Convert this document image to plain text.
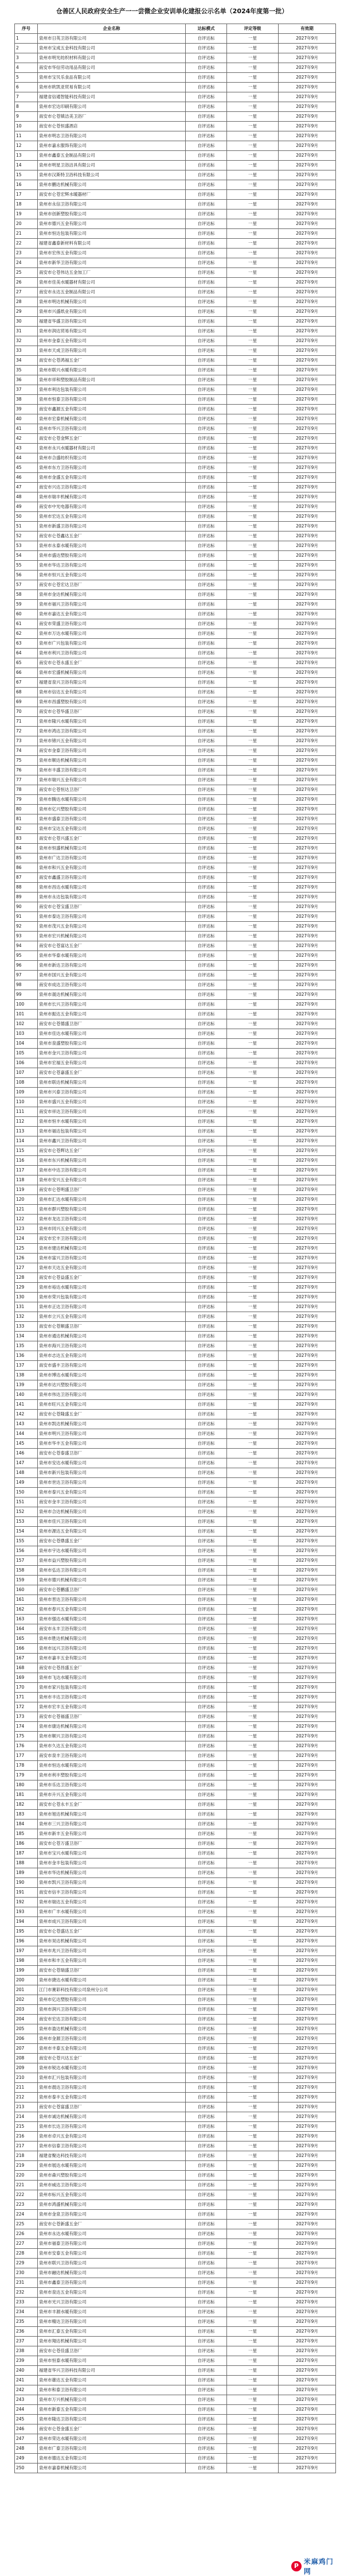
仓善区人民政府安全生产一一尝微企业安训单化建报公示名单（2024年度第一批）
序号	企业名称	达标模式	评定等级	有效期
1	泉州市日英卫浴有限公司	自评达标	一星	2027年9月
2	泉州市宝成五金科技有限公司	自评达标	一星	2027年9月
3	泉州市明光纺织材料有限公司	自评达标	一星	2027年9月
4	南安市华信劳动用品有限公司	自评达标	一星	2027年9月
5	泉州市宝贝乐食品有限公司	自评达标	一星	2027年9月
6	泉州市欧凯亚贸易有限公司	自评达标	一星	2027年9月
7	福建省信通智能科技有限公司	自评达标	一星	2027年9月
8	泉州市宏达印刷有限公司	自评达标	一星	2027年9月
9	南安市仑苍镇洁美卫浴厂	自评达标	一星	2027年9月
10	南安市仑苍恒盛酒店	自评达标	一星	2027年9月
11	泉州市明志卫浴有限公司	自评达标	一星	2027年9月
12	泉州市嘉永服饰有限公司	自评达标	一星	2027年9月
13	泉州市鑫泰五金制品有限公司	自评达标	一星	2027年9月
14	泉州市明星卫浴洁具有限公司	自评达标	一星	2027年9月
15	泉州市汉斯特卫浴科技有限公司	自评达标	一星	2027年9月
16	泉州市鹏达机械有限公司	自评达标	一星	2027年9月
17	南安市仑苍宏辉水暖器材厂	自评达标	一星	2027年9月
18	泉州市永信卫浴有限公司	自评达标	一星	2027年9月
19	泉州市创新塑胶有限公司	自评达标	一星	2027年9月
20	泉州市德兴五金有限公司	自评达标	一星	2027年9月
21	泉州市恒达包装有限公司	自评达标	一星	2027年9月
22	福建省鑫泰新材料有限公司	自评达标	一星	2027年9月
23	泉州市宏伟五金有限公司	自评达标	一星	2027年9月
24	泉州市新华卫浴有限公司	自评达标	一星	2027年9月
25	南安市仑苍伟达五金加工厂	自评达标	一星	2027年9月
26	泉州市佳美水暖器材有限公司	自评达标	一星	2027年9月
27	南安市永达五金制品有限公司	自评达标	一星	2027年9月
28	泉州市明达机械有限公司	自评达标	一星	2027年9月
29	泉州市兴盛纸业有限公司	自评达标	一星	2027年9月
30	福建省华盛卫浴有限公司	自评达标	一星	2027年9月
31	泉州市润达贸易有限公司	自评达标	一星	2027年9月
32	泉州市金泰五金有限公司	自评达标	一星	2027年9月
33	泉州市天成卫浴有限公司	自评达标	一星	2027年9月
34	南安市仑苍鸿福五金厂	自评达标	一星	2027年9月
35	泉州市联兴水暖有限公司	自评达标	一星	2027年9月
36	泉州市祥和塑胶制品有限公司	自评达标	一星	2027年9月
37	泉州市利达包装有限公司	自评达标	一星	2027年9月
38	泉州市恒泰卫浴有限公司	自评达标	一星	2027年9月
39	南安市鑫源五金有限公司	自评达标	一星	2027年9月
40	泉州市宏泰机械有限公司	自评达标	一星	2027年9月
41	泉州市华兴卫浴有限公司	自评达标	一星	2027年9月
42	南安市仑苍金辉五金厂	自评达标	一星	2027年9月
43	泉州市永兴水暖器材有限公司	自评达标	一星	2027年9月
44	泉州市合盛纺织有限公司	自评达标	一星	2027年9月
45	泉州市东方卫浴有限公司	自评达标	一星	2027年9月
46	泉州市金盛五金有限公司	自评达标	一星	2027年9月
47	南安市兴达卫浴有限公司	自评达标	一星	2027年9月
48	泉州市瑞丰机械有限公司	自评达标	一星	2027年9月
49	南安市中光电器有限公司	自评达标	一星	2027年9月
50	泉州市宏达五金有限公司	自评达标	一星	2027年9月
51	泉州市新盛卫浴有限公司	自评达标	一星	2027年9月
52	南安市仑苍鑫达五金厂	自评达标	一星	2027年9月
53	泉州市永泰水暖有限公司	自评达标	一星	2027年9月
54	泉州市盛达塑胶有限公司	自评达标	一星	2027年9月
55	泉州市华达卫浴有限公司	自评达标	一星	2027年9月
56	泉州市恒兴五金有限公司	自评达标	一星	2027年9月
57	南安市仑苍宏达卫浴厂	自评达标	一星	2027年9月
58	泉州市金达机械有限公司	自评达标	一星	2027年9月
59	泉州市福兴卫浴有限公司	自评达标	一星	2027年9月
60	泉州市嘉达五金有限公司	自评达标	一星	2027年9月
61	南安市荣盛卫浴有限公司	自评达标	一星	2027年9月
62	泉州市万达水暖有限公司	自评达标	一星	2027年9月
63	泉州市广兴包装有限公司	自评达标	一星	2027年9月
64	泉州市利兴卫浴有限公司	自评达标	一星	2027年9月
65	南安市仑苍永盛五金厂	自评达标	一星	2027年9月
66	泉州市宏盛机械有限公司	自评达标	一星	2027年9月
67	福建省泉兴卫浴有限公司	自评达标	一星	2027年9月
68	泉州市信达五金有限公司	自评达标	一星	2027年9月
69	泉州市昌盛塑胶有限公司	自评达标	一星	2027年9月
70	南安市仑苍华盛卫浴厂	自评达标	一星	2027年9月
71	泉州市隆兴水暖有限公司	自评达标	一星	2027年9月
72	泉州市鸿达卫浴有限公司	自评达标	一星	2027年9月
73	泉州市锦兴五金有限公司	自评达标	一星	2027年9月
74	南安市金泰卫浴有限公司	自评达标	一星	2027年9月
75	泉州市顺达机械有限公司	自评达标	一星	2027年9月
76	泉州市丰盛卫浴有限公司	自评达标	一星	2027年9月
77	泉州市瑞兴五金有限公司	自评达标	一星	2027年9月
78	南安市仑苍恒达卫浴厂	自评达标	一星	2027年9月
79	泉州市腾达水暖有限公司	自评达标	一星	2027年9月
80	泉州市亿兴塑胶有限公司	自评达标	一星	2027年9月
81	泉州市盛泰卫浴有限公司	自评达标	一星	2027年9月
82	泉州市宝达五金有限公司	自评达标	一星	2027年9月
83	南安市仑苍兴盛五金厂	自评达标	一星	2027年9月
84	泉州市恒盛机械有限公司	自评达标	一星	2027年9月
85	泉州市广达卫浴有限公司	自评达标	一星	2027年9月
86	泉州市和兴五金有限公司	自评达标	一星	2027年9月
87	南安市鑫盛卫浴有限公司	自评达标	一星	2027年9月
88	泉州市昌达水暖有限公司	自评达标	一星	2027年9月
89	泉州市永达包装有限公司	自评达标	一星	2027年9月
90	南安市仑苍宝盛卫浴厂	自评达标	一星	2027年9月
91	泉州市泰达卫浴有限公司	自评达标	一星	2027年9月
92	泉州市茂兴五金有限公司	自评达标	一星	2027年9月
93	泉州市宏兴机械有限公司	自评达标	一星	2027年9月
94	南安市仑苍富达五金厂	自评达标	一星	2027年9月
95	泉州市华泰水暖有限公司	自评达标	一星	2027年9月
96	泉州市新达卫浴有限公司	自评达标	一星	2027年9月
97	泉州市国兴五金有限公司	自评达标	一星	2027年9月
98	南安市成达卫浴有限公司	自评达标	一星	2027年9月
99	泉州市晟达机械有限公司	自评达标	一星	2027年9月
100	泉州市长兴卫浴有限公司	自评达标	一星	2027年9月
101	泉州市振达五金有限公司	自评达标	一星	2027年9月
102	南安市仑苍德盛卫浴厂	自评达标	一星	2027年9月
103	泉州市佳达水暖有限公司	自评达标	一星	2027年9月
104	泉州市泉盛塑胶有限公司	自评达标	一星	2027年9月
105	泉州市金兴卫浴有限公司	自评达标	一星	2027年9月
106	泉州市宏福五金有限公司	自评达标	一星	2027年9月
107	南安市仑苍嘉盛五金厂	自评达标	一星	2027年9月
108	泉州市联达机械有限公司	自评达标	一星	2027年9月
109	泉州市兴泰卫浴有限公司	自评达标	一星	2027年9月
110	泉州市盛兴五金有限公司	自评达标	一星	2027年9月
111	南安市祥达卫浴有限公司	自评达标	一星	2027年9月
112	泉州市恒丰水暖有限公司	自评达标	一星	2027年9月
113	泉州市福达包装有限公司	自评达标	一星	2027年9月
114	泉州市鑫兴卫浴有限公司	自评达标	一星	2027年9月
115	南安市仑苍辉达五金厂	自评达标	一星	2027年9月
116	泉州市东兴机械有限公司	自评达标	一星	2027年9月
117	泉州市中达卫浴有限公司	自评达标	一星	2027年9月
118	泉州市安兴五金有限公司	自评达标	一星	2027年9月
119	南安市仑苍明盛卫浴厂	自评达标	一星	2027年9月
120	泉州市汇达水暖有限公司	自评达标	一星	2027年9月
121	泉州市群兴塑胶有限公司	自评达标	一星	2027年9月
122	泉州市龙达卫浴有限公司	自评达标	一星	2027年9月
123	泉州市同兴五金有限公司	自评达标	一星	2027年9月
124	南安市宏丰卫浴有限公司	自评达标	一星	2027年9月
125	泉州市建达机械有限公司	自评达标	一星	2027年9月
126	泉州市富兴卫浴有限公司	自评达标	一星	2027年9月
127	泉州市天达五金有限公司	自评达标	一星	2027年9月
128	南安市仑苍益盛五金厂	自评达标	一星	2027年9月
129	泉州市裕达水暖有限公司	自评达标	一星	2027年9月
130	泉州市荣兴包装有限公司	自评达标	一星	2027年9月
131	泉州市正达卫浴有限公司	自评达标	一星	2027年9月
132	泉州市立兴五金有限公司	自评达标	一星	2027年9月
133	南安市仑苍顺盛卫浴厂	自评达标	一星	2027年9月
134	泉州市通达机械有限公司	自评达标	一星	2027年9月
135	泉州市海兴卫浴有限公司	自评达标	一星	2027年9月
136	泉州市志达五金有限公司	自评达标	一星	2027年9月
137	南安市盛丰卫浴有限公司	自评达标	一星	2027年9月
138	泉州市博达水暖有限公司	自评达标	一星	2027年9月
139	泉州市达兴塑胶有限公司	自评达标	一星	2027年9月
140	泉州市伟达卫浴有限公司	自评达标	一星	2027年9月
141	泉州市旺兴五金有限公司	自评达标	一星	2027年9月
142	南安市仑苍隆盛五金厂	自评达标	一星	2027年9月
143	泉州市凯达机械有限公司	自评达标	一星	2027年9月
144	泉州市明兴卫浴有限公司	自评达标	一星	2027年9月
145	泉州市华丰五金有限公司	自评达标	一星	2027年9月
146	南安市仑苍泰盛卫浴厂	自评达标	一星	2027年9月
147	泉州市安达水暖有限公司	自评达标	一星	2027年9月
148	泉州市新兴包装有限公司	自评达标	一星	2027年9月
149	泉州市世达卫浴有限公司	自评达标	一星	2027年9月
150	泉州市泰兴五金有限公司	自评达标	一星	2027年9月
151	南安市金丰卫浴有限公司	自评达标	一星	2027年9月
152	泉州市合达机械有限公司	自评达标	一星	2027年9月
153	泉州市佳兴卫浴有限公司	自评达标	一星	2027年9月
154	泉州市源达五金有限公司	自评达标	一星	2027年9月
155	南安市仑苍鼎盛五金厂	自评达标	一星	2027年9月
156	泉州市宇达水暖有限公司	自评达标	一星	2027年9月
157	泉州市益兴塑胶有限公司	自评达标	一星	2027年9月
158	泉州市弘达卫浴有限公司	自评达标	一星	2027年9月
159	泉州市德兴机械有限公司	自评达标	一星	2027年9月
160	南安市仑苍鹏盛卫浴厂	自评达标	一星	2027年9月
161	泉州市晋达卫浴有限公司	自评达标	一星	2027年9月
162	泉州市春兴五金有限公司	自评达标	一星	2027年9月
163	泉州市强达水暖有限公司	自评达标	一星	2027年9月
164	南安市永丰卫浴有限公司	自评达标	一星	2027年9月
165	泉州市胜达机械有限公司	自评达标	一星	2027年9月
166	泉州市远兴卫浴有限公司	自评达标	一星	2027年9月
167	泉州市嘉丰五金有限公司	自评达标	一星	2027年9月
168	南安市仑苍昌盛五金厂	自评达标	一星	2027年9月
169	泉州市飞达水暖有限公司	自评达标	一星	2027年9月
170	泉州市家兴包装有限公司	自评达标	一星	2027年9月
171	泉州市丰达卫浴有限公司	自评达标	一星	2027年9月
172	泉州市宏丰五金有限公司	自评达标	一星	2027年9月
173	南安市仑苍福盛卫浴厂	自评达标	一星	2027年9月
174	泉州市康达机械有限公司	自评达标	一星	2027年9月
175	泉州市顺兴卫浴有限公司	自评达标	一星	2027年9月
176	泉州市久达五金有限公司	自评达标	一星	2027年9月
177	南安市泉丰卫浴有限公司	自评达标	一星	2027年9月
178	泉州市恒达水暖有限公司	自评达标	一星	2027年9月
179	泉州市利丰塑胶有限公司	自评达标	一星	2027年9月
180	泉州市乐达卫浴有限公司	自评达标	一星	2027年9月
181	泉州市升兴五金有限公司	自评达标	一星	2027年9月
182	南安市仑苍永丰五金厂	自评达标	一星	2027年9月
183	泉州市旭达机械有限公司	自评达标	一星	2027年9月
184	泉州市三兴卫浴有限公司	自评达标	一星	2027年9月
185	泉州市新丰五金有限公司	自评达标	一星	2027年9月
186	南安市仑苍万盛卫浴厂	自评达标	一星	2027年9月
187	泉州市宝兴水暖有限公司	自评达标	一星	2027年9月
188	泉州市金丰包装有限公司	自评达标	一星	2027年9月
189	泉州市华达机械有限公司	自评达标	一星	2027年9月
190	泉州市凯兴卫浴有限公司	自评达标	一星	2027年9月
191	南安市信丰卫浴有限公司	自评达标	一星	2027年9月
192	泉州市瑞达五金有限公司	自评达标	一星	2027年9月
193	泉州市广丰水暖有限公司	自评达标	一星	2027年9月
194	泉州市成兴卫浴有限公司	自评达标	一星	2027年9月
195	南安市仑苍盛达五金厂	自评达标	一星	2027年9月
196	泉州市昊达机械有限公司	自评达标	一星	2027年9月
197	泉州市兆兴卫浴有限公司	自评达标	一星	2027年9月
198	泉州市和丰五金有限公司	自评达标	一星	2027年9月
199	南安市仑苍瑞盛卫浴厂	自评达标	一星	2027年9月
200	泉州市捷达水暖有限公司	自评达标	一星	2027年9月
201	江门市赛彩科技有限公司泉州分公司	自评达标	一星	2027年9月
202	泉州市亿达塑胶有限公司	自评达标	一星	2027年9月
203	泉州市润兴卫浴有限公司	自评达标	一星	2027年9月
204	南安市宏达卫浴有限公司	自评达标	一星	2027年9月
205	泉州市盈达机械有限公司	自评达标	一星	2027年9月
206	泉州市金源卫浴有限公司	自评达标	一星	2027年9月
207	泉州市丰泰五金有限公司	自评达标	一星	2027年9月
208	南安市仑苍兴达五金厂	自评达标	一星	2027年9月
209	泉州市锐达水暖有限公司	自评达标	一星	2027年9月
210	泉州市汇兴包装有限公司	自评达标	一星	2027年9月
211	泉州市晨达卫浴有限公司	自评达标	一星	2027年9月
212	泉州市泰丰五金有限公司	自评达标	一星	2027年9月
213	南安市仑苍富盛卫浴厂	自评达标	一星	2027年9月
214	泉州市诚达机械有限公司	自评达标	一星	2027年9月
215	泉州市长达卫浴有限公司	自评达标	一星	2027年9月
216	泉州市卓兴五金有限公司	自评达标	一星	2027年9月
217	泉州市信泰卫浴有限公司	自评达标	一星	2027年9月
218	福建省聚达科技有限公司	自评达标	一星	2027年9月
219	泉州市展达水暖有限公司	自评达标	一星	2027年9月
220	泉州市森兴塑胶有限公司	自评达标	一星	2027年9月
221	泉州市威达卫浴有限公司	自评达标	一星	2027年9月
222	泉州市标兴五金有限公司	自评达标	一星	2027年9月
223	泉州市鸿盛机械有限公司	自评达标	一星	2027年9月
224	泉州市金泉卫浴有限公司	自评达标	一星	2027年9月
225	南安市仑苍新盛五金厂	自评达标	一星	2027年9月
226	泉州市永达水暖有限公司	自评达标	一星	2027年9月
227	泉州市福泰卫浴有限公司	自评达标	一星	2027年9月
228	泉州市安泰五金有限公司	自评达标	一星	2027年9月
229	泉州市联兴卫浴有限公司	自评达标	一星	2027年9月
230	泉州市融达机械有限公司	自评达标	一星	2027年9月
231	泉州市鑫泰卫浴有限公司	自评达标	一星	2027年9月
232	泉州市泉达五金有限公司	自评达标	一星	2027年9月
233	泉州市光兴卫浴有限公司	自评达标	一星	2027年9月
234	泉州市丰源水暖有限公司	自评达标	一星	2027年9月
235	泉州市精达卫浴有限公司	自评达标	一星	2027年9月
236	泉州市汇泰五金有限公司	自评达标	一星	2027年9月
237	泉州市翔达机械有限公司	自评达标	一星	2027年9月
238	南安市仑苍佳盛卫浴厂	自评达标	一星	2027年9月
239	泉州市恒泰水暖有限公司	自评达标	一星	2027年9月
240	福建省华兴卫浴科技有限公司	自评达标	一星	2027年9月
241	泉州市雄达五金有限公司	自评达标	一星	2027年9月
242	泉州市和泰卫浴有限公司	自评达标	一星	2027年9月
243	泉州市万兴机械有限公司	自评达标	一星	2027年9月
244	泉州市新泰五金有限公司	自评达标	一星	2027年9月
245	泉州市隆达卫浴有限公司	自评达标	一星	2027年9月
246	南安市仑苍金盛五金厂	自评达标	一星	2027年9月
247	泉州市荣达水暖有限公司	自评达标	一星	2027年9月
248	泉州市广泰卫浴有限公司	自评达标	一星	2027年9月
249	泉州市德达五金有限公司	自评达标	一星	2027年9月
250	泉州市嘉泰机械有限公司	自评达标	一星	2027年9月
P
米麻鸡门网
